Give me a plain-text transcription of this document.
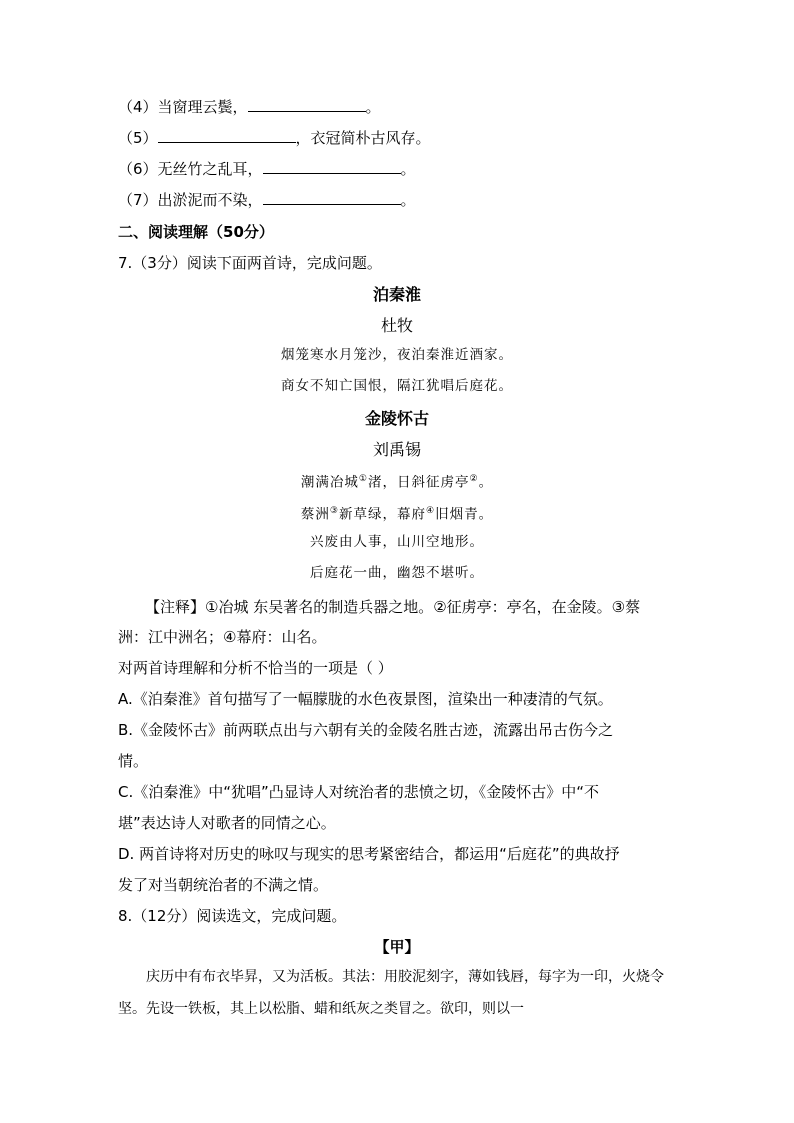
（4）当窗理云鬓，	。
（5）	，衣冠简朴古风存。
（6）无丝竹之乱耳，	。
（7）出淤泥而不染，	。
二、阅读理解（50分）
7.（3分）阅读下面两首诗，完成问题。
泊秦淮
杜牧
烟笼寒水月笼沙，夜泊秦淮近酒家。
商女不知亡国恨，隔江犹唱后庭花。
金陵怀古
刘禹锡
潮满冶城①渚，日斜征虏亭②。
蔡洲③新草绿，幕府④旧烟青。
兴废由人事，山川空地形。
后庭花一曲，幽怨不堪听。
【注释】①冶城 东吴著名的制造兵器之地。②征虏亭：亭名，在金陵。③蔡
洲：江中洲名；④幕府：山名。
对两首诗理解和分析不恰当的一项是（ ）
A.《泊秦淮》首句描写了一幅朦胧的水色夜景图，渲染出一种凄清的气氛。
B.《金陵怀古》前两联点出与六朝有关的金陵名胜古迹，流露出吊古伤今之
情。
C.《泊秦淮》中“犹唱”凸显诗人对统治者的悲愤之切，《金陵怀古》中“不
堪”表达诗人对歌者的同情之心。
D. 两首诗将对历史的咏叹与现实的思考紧密结合，都运用“后庭花”的典故抒
发了对当朝统治者的不满之情。
8.（12分）阅读选文，完成问题。
【甲】
庆历中有布衣毕昇，又为活板。其法：用胶泥刻字，薄如钱唇，每字为一印，火烧令坚。先设一铁板，其上以松脂、蜡和纸灰之类冒之。欲印，则以一
